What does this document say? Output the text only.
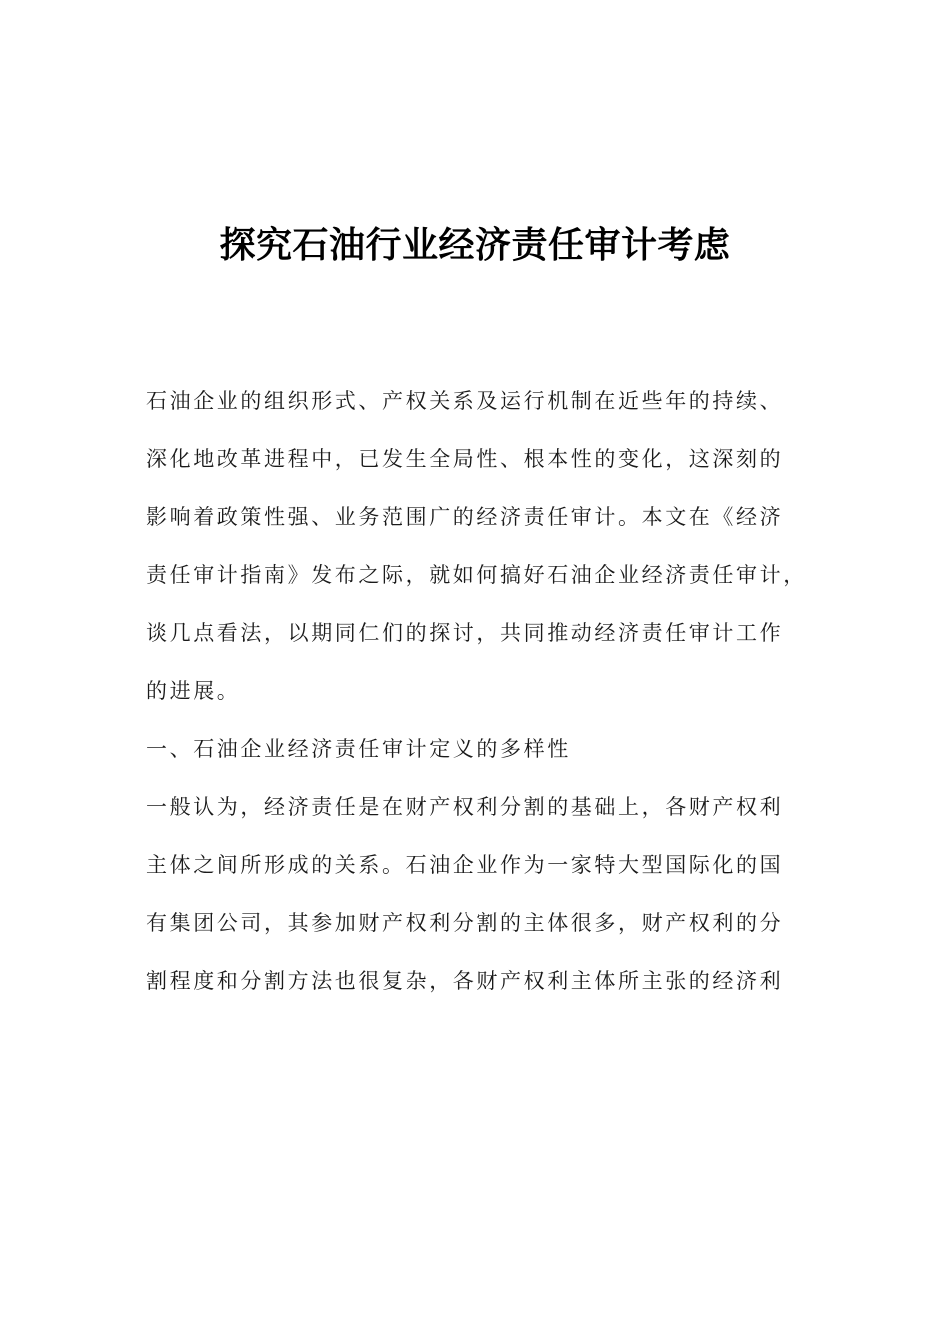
探究石油行业经济责任审计考虑
石油企业的组织形式、产权关系及运行机制在近些年的持续、
深化地改革进程中，已发生全局性、根本性的变化，这深刻的
影响着政策性强、业务范围广的经济责任审计。本文在《经济
责任审计指南》发布之际，就如何搞好石油企业经济责任审计，
谈几点看法，以期同仁们的探讨，共同推动经济责任审计工作
的进展。
一、石油企业经济责任审计定义的多样性
一般认为，经济责任是在财产权利分割的基础上，各财产权利
主体之间所形成的关系。石油企业作为一家特大型国际化的国
有集团公司，其参加财产权利分割的主体很多，财产权利的分
割程度和分割方法也很复杂，各财产权利主体所主张的经济利
